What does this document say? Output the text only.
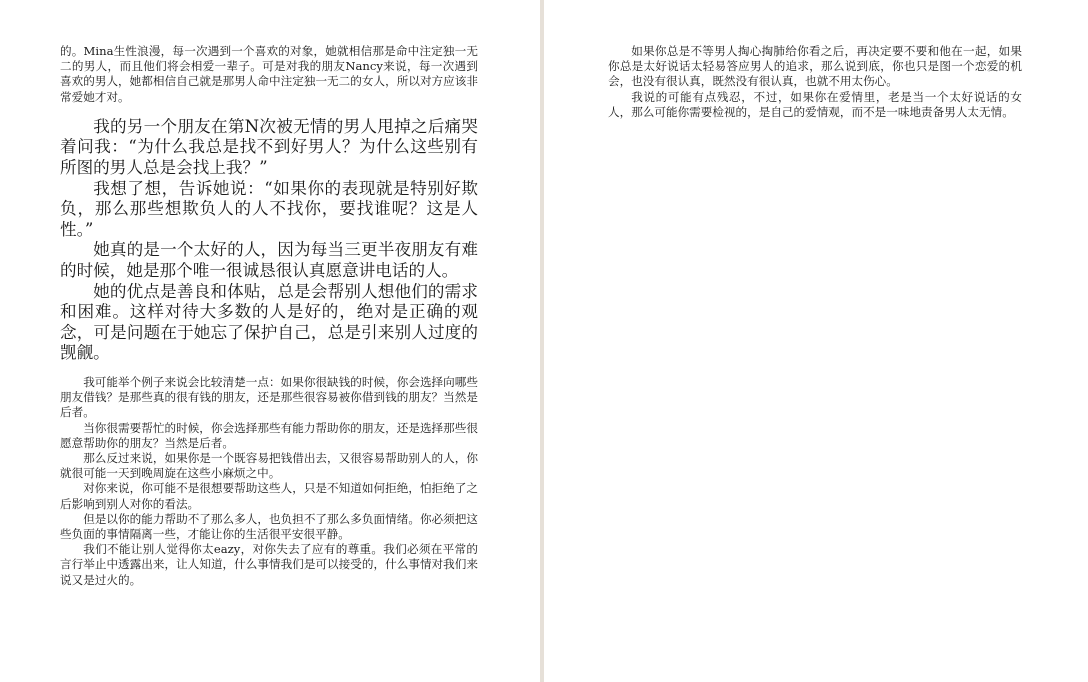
的。Mina生性浪漫，每一次遇到一个喜欢的对象，她就相信那是命中注定独一无二的男人，而且他们将会相爱一辈子。可是对我的朋友Nancy来说，每一次遇到喜欢的男人，她都相信自己就是那男人命中注定独一无二的女人，所以对方应该非常爱她才对。

我的另一个朋友在第N次被无情的男人甩掉之后痛哭着问我：“为什么我总是找不到好男人？为什么这些别有所图的男人总是会找上我？”

我想了想，告诉她说：“如果你的表现就是特别好欺负，那么那些想欺负人的人不找你，要找谁呢？这是人性。”

她真的是一个太好的人，因为每当三更半夜朋友有难的时候，她是那个唯一很诚恳很认真愿意讲电话的人。

她的优点是善良和体贴，总是会帮别人想他们的需求和困难。这样对待大多数的人是好的，绝对是正确的观念，可是问题在于她忘了保护自己，总是引来别人过度的觊觎。

我可能举个例子来说会比较清楚一点：如果你很缺钱的时候，你会选择向哪些朋友借钱？是那些真的很有钱的朋友，还是那些很容易被你借到钱的朋友？当然是后者。

当你很需要帮忙的时候，你会选择那些有能力帮助你的朋友，还是选择那些很愿意帮助你的朋友？当然是后者。

那么反过来说，如果你是一个既容易把钱借出去，又很容易帮助别人的人，你就很可能一天到晚周旋在这些小麻烦之中。

对你来说，你可能不是很想要帮助这些人，只是不知道如何拒绝，怕拒绝了之后影响到别人对你的看法。

但是以你的能力帮助不了那么多人，也负担不了那么多负面情绪。你必须把这些负面的事情隔离一些，才能让你的生活很平安很平静。

我们不能让别人觉得你太eazy，对你失去了应有的尊重。我们必须在平常的言行举止中透露出来，让人知道，什么事情我们是可以接受的，什么事情对我们来说又是过火的。

如果你总是不等男人掏心掏肺给你看之后，再决定要不要和他在一起，如果你总是太好说话太轻易答应男人的追求，那么说到底，你也只是图一个恋爱的机会，也没有很认真，既然没有很认真，也就不用太伤心。

我说的可能有点残忍，不过，如果你在爱情里，老是当一个太好说话的女人，那么可能你需要检视的，是自己的爱情观，而不是一味地责备男人太无情。
